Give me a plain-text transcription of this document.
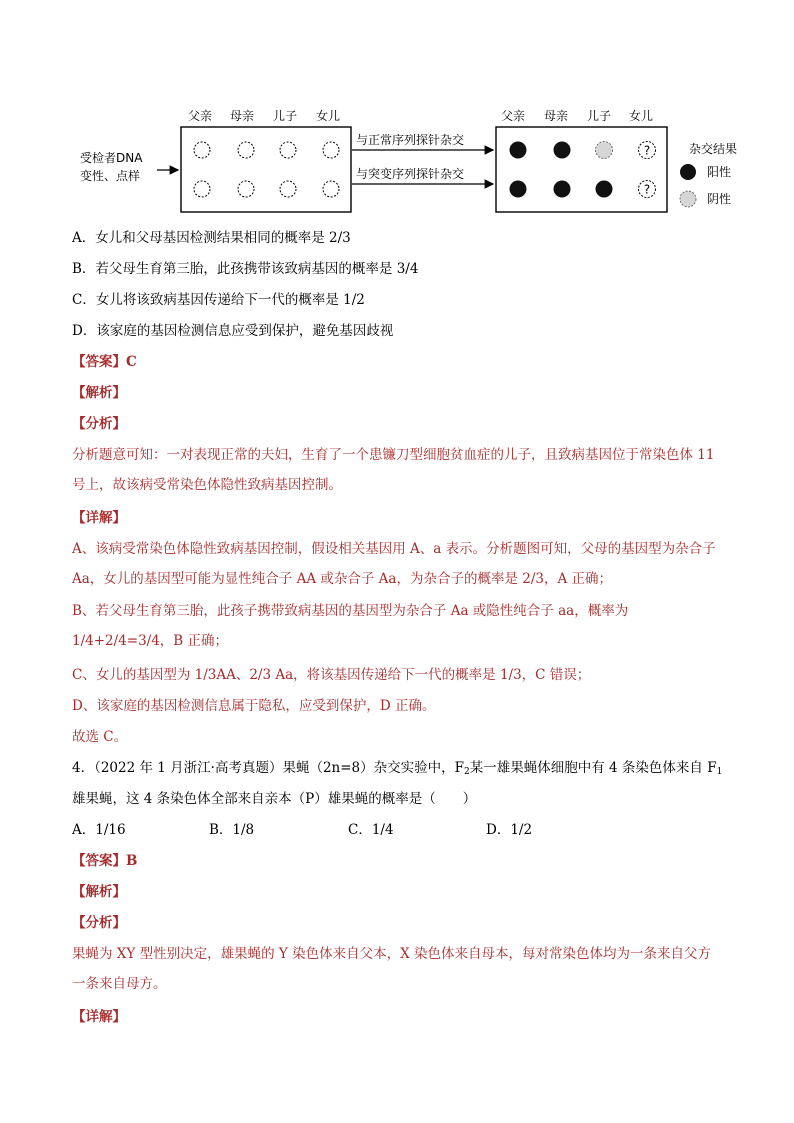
受检者DNA
变性、点样
父亲 母亲 儿子 女儿
与正常序列探针杂交
与突变序列探针杂交
父亲 母亲 儿子 女儿
?
?
杂交结果
阳性
阴性
A．女儿和父母基因检测结果相同的概率是 2/3
B．若父母生育第三胎，此孩携带该致病基因的概率是 3/4
C．女儿将该致病基因传递给下一代的概率是 1/2
D．该家庭的基因检测信息应受到保护，避免基因歧视
【答案】C
【解析】
【分析】
分析题意可知：一对表现正常的夫妇，生育了一个患镰刀型细胞贫血症的儿子，且致病基因位于常染色体 11 号上，故该病受常染色体隐性致病基因控制。
【详解】
A、该病受常染色体隐性致病基因控制，假设相关基因用 A、a 表示。分析题图可知，父母的基因型为杂合子 Aa，女儿的基因型可能为显性纯合子 AA 或杂合子 Aa，为杂合子的概率是 2/3，A 正确；
B、若父母生育第三胎，此孩子携带致病基因的基因型为杂合子 Aa 或隐性纯合子 aa，概率为 1/4+2/4=3/4，B 正确；
C、女儿的基因型为 1/3AA、2/3 Aa，将该基因传递给下一代的概率是 1/3，C 错误；
D、该家庭的基因检测信息属于隐私，应受到保护，D 正确。
故选 C。
4．（2022 年 1 月浙江·高考真题）果蝇（2n=8）杂交实验中，$F_2$某一雄果蝇体细胞中有 4 条染色体来自 $F_1$
雄果蝇，这 4 条染色体全部来自亲本（P）雄果蝇的概率是（　　）
A．1/16	B．1/8	C．1/4	D．1/2
【答案】B
【解析】
【分析】
果蝇为 XY 型性别决定，雄果蝇的 Y 染色体来自父本，X 染色体来自母本，每对常染色体均为一条来自父方一条来自母方。
【详解】
